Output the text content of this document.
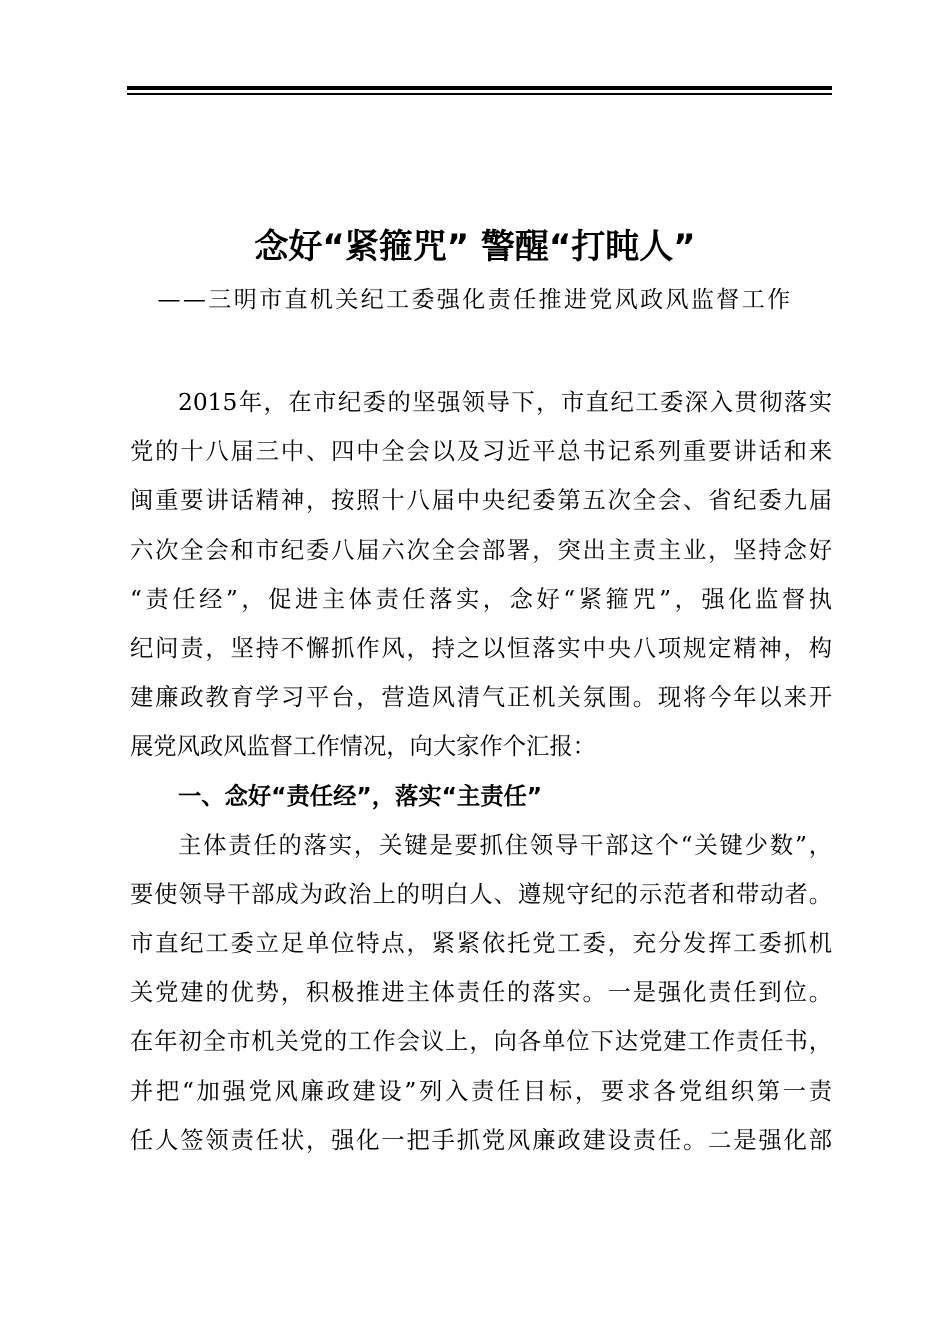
念好“紧箍咒” 警醒“打盹人”
——三明市直机关纪工委强化责任推进党风政风监督工作
2015年，在市纪委的坚强领导下，市直纪工委深入贯彻落实
党的十八届三中、四中全会以及习近平总书记系列重要讲话和来
闽重要讲话精神，按照十八届中央纪委第五次全会、省纪委九届
六次全会和市纪委八届六次全会部署，突出主责主业，坚持念好
“责任经”，促进主体责任落实，念好“紧箍咒”，强化监督执
纪问责，坚持不懈抓作风，持之以恒落实中央八项规定精神，构
建廉政教育学习平台，营造风清气正机关氛围。现将今年以来开
展党风政风监督工作情况，向大家作个汇报：
一、念好“责任经”，落实“主责任”
主体责任的落实，关键是要抓住领导干部这个“关键少数”，
要使领导干部成为政治上的明白人、遵规守纪的示范者和带动者。
市直纪工委立足单位特点，紧紧依托党工委，充分发挥工委抓机
关党建的优势，积极推进主体责任的落实。一是强化责任到位。
在年初全市机关党的工作会议上，向各单位下达党建工作责任书，
并把“加强党风廉政建设”列入责任目标，要求各党组织第一责
任人签领责任状，强化一把手抓党风廉政建设责任。二是强化部
